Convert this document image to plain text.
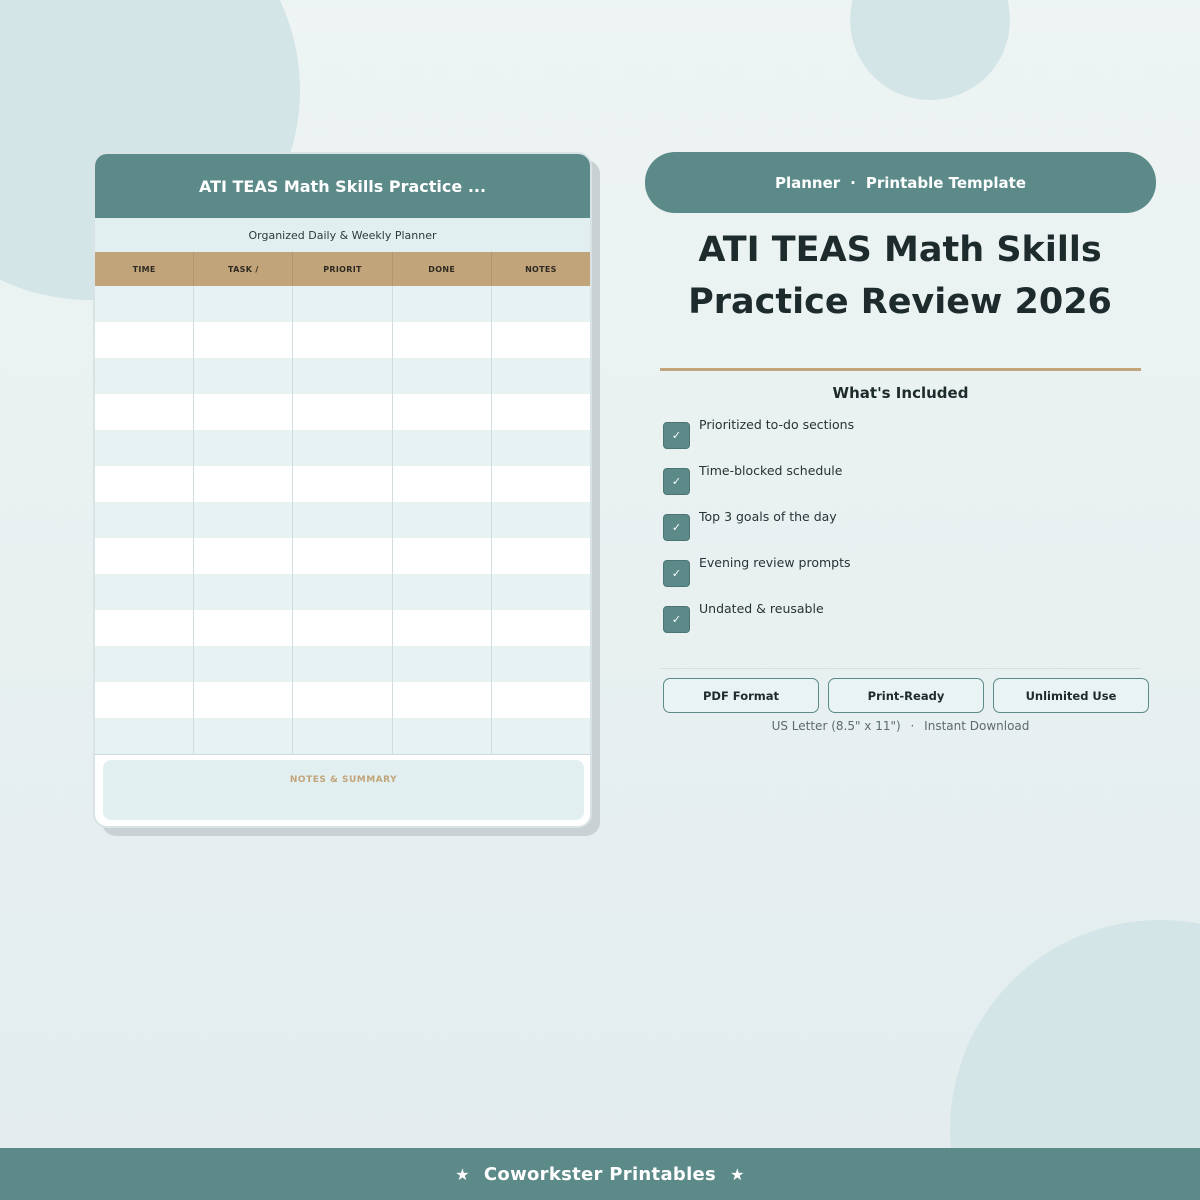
ATI TEAS Math Skills Practice ...
Organized Daily & Weekly Planner
TIME	TASK /	PRIORIT	DONE	NOTES
NOTES & SUMMARY
Planner · Printable Template
ATI TEAS Math Skills Practice Review 2026
What's Included
✓
Prioritized to-do sections
✓
Time-blocked schedule
✓
Top 3 goals of the day
✓
Evening review prompts
✓
Undated & reusable
PDF Format	Print-Ready	Unlimited Use
US Letter (8.5" x 11") · Instant Download
★ Coworkster Printables ★
